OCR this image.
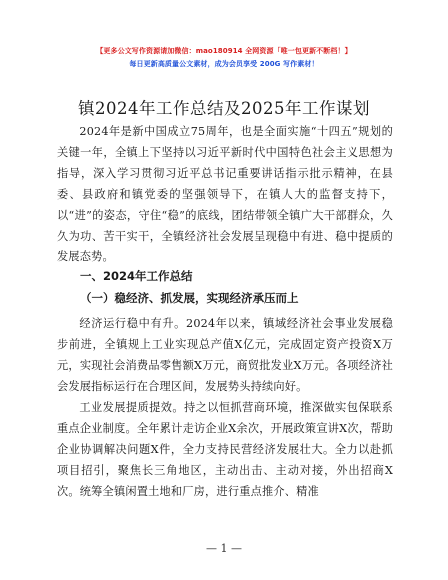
【更多公文写作资源请加微信：mao180914 全网资源「唯一包更新不断档！】
每日更新高质量公文素材，成为会员享受 200G 写作素材！
镇2024年工作总结及2025年工作谋划

2024年是新中国成立75周年，也是全面实施“十四五”规划的关键一年，全镇上下坚持以习近平新时代中国特色社会主义思想为指导，深入学习贯彻习近平总书记重要讲话指示批示精神，在县委、县政府和镇党委的坚强领导下，在镇人大的监督支持下，以“进”的姿态，守住“稳”的底线，团结带领全镇广大干部群众，久久为功、苦干实干，全镇经济社会发展呈现稳中有进、稳中提质的发展态势。

一、2024年工作总结
（一）稳经济、抓发展，实现经济承压而上

经济运行稳中有升。2024年以来，镇域经济社会事业发展稳步前进，全镇规上工业实现总产值X亿元，完成固定资产投资X万元，实现社会消费品零售额X万元，商贸批发业X万元。各项经济社会发展指标运行在合理区间，发展势头持续向好。

工业发展提质提效。持之以恒抓营商环境，推深做实包保联系重点企业制度。全年累计走访企业X余次，开展政策宣讲X次，帮助企业协调解决问题X件，全力支持民营经济发展壮大。全力以赴抓项目招引，聚焦长三角地区，主动出击、主动对接，外出招商X次。统筹全镇闲置土地和厂房，进行重点推介、精准

— 1 —
